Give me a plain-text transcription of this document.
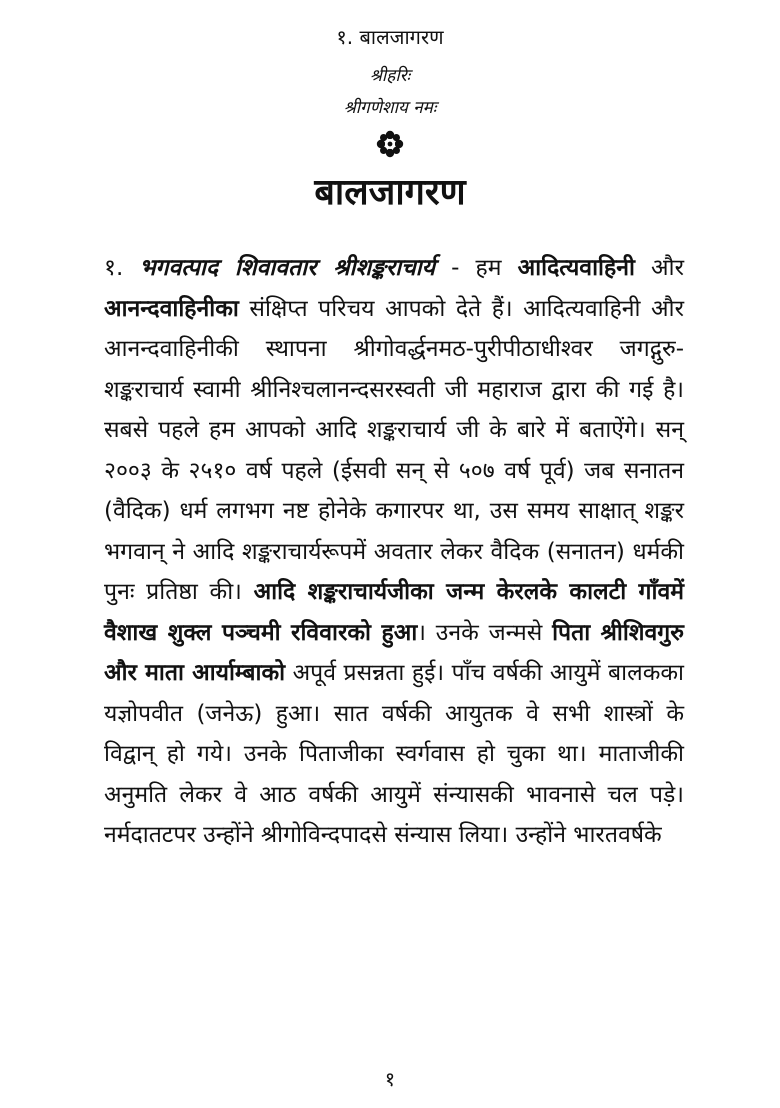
१. बालजागरण
श्रीहरिः
श्रीगणेशाय नमः
बालजागरण

१. भगवत्पाद शिवावतार श्रीशङ्कराचार्य - हम आदित्यवाहिनी और आनन्दवाहिनीका संक्षिप्त परिचय आपको देते हैं। आदित्यवाहिनी और आनन्दवाहिनीकी स्थापना श्रीगोवर्द्धनमठ-पुरीपीठाधीश्वर जगद्गुरु-शङ्कराचार्य स्वामी श्रीनिश्चलानन्दसरस्वती जी महाराज द्वारा की गई है। सबसे पहले हम आपको आदि शङ्कराचार्य जी के बारे में बताऐंगे। सन् २००३ के २५१० वर्ष पहले (ईसवी सन् से ५०७ वर्ष पूर्व) जब सनातन (वैदिक) धर्म लगभग नष्ट होनेके कगारपर था, उस समय साक्षात् शङ्कर भगवान् ने आदि शङ्कराचार्यरूपमें अवतार लेकर वैदिक (सनातन) धर्मकी पुनः प्रतिष्ठा की। आदि शङ्कराचार्यजीका जन्म केरलके कालटी गाँवमें वैशाख शुक्ल पञ्चमी रविवारको हुआ। उनके जन्मसे पिता श्रीशिवगुरु और माता आर्याम्बाको अपूर्व प्रसन्नता हुई। पाँच वर्षकी आयुमें बालकका यज्ञोपवीत (जनेऊ) हुआ। सात वर्षकी आयुतक वे सभी शास्त्रों के विद्वान् हो गये। उनके पिताजीका स्वर्गवास हो चुका था। माताजीकी अनुमति लेकर वे आठ वर्षकी आयुमें संन्यासकी भावनासे चल पड़े। नर्मदातटपर उन्होंने श्रीगोविन्दपादसे संन्यास लिया। उन्होंने भारतवर्षके

१
